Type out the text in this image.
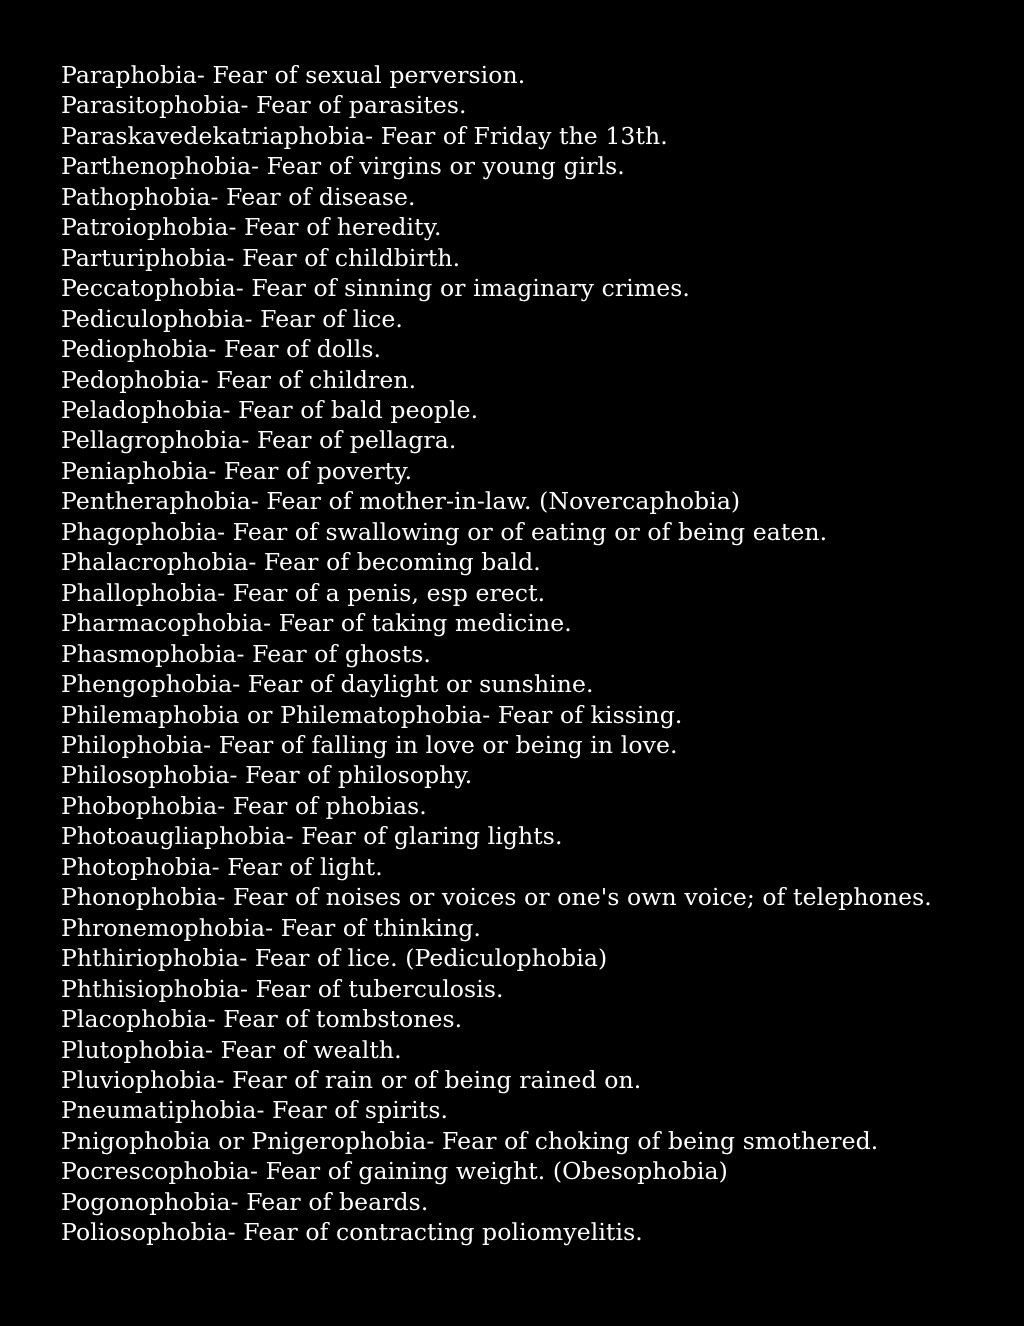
Paraphobia- Fear of sexual perversion.
Parasitophobia- Fear of parasites.
Paraskavedekatriaphobia- Fear of Friday the 13th.
Parthenophobia- Fear of virgins or young girls.
Pathophobia- Fear of disease.
Patroiophobia- Fear of heredity.
Parturiphobia- Fear of childbirth.
Peccatophobia- Fear of sinning or imaginary crimes.
Pediculophobia- Fear of lice.
Pediophobia- Fear of dolls.
Pedophobia- Fear of children.
Peladophobia- Fear of bald people.
Pellagrophobia- Fear of pellagra.
Peniaphobia- Fear of poverty.
Pentheraphobia- Fear of mother-in-law. (Novercaphobia)
Phagophobia- Fear of swallowing or of eating or of being eaten.
Phalacrophobia- Fear of becoming bald.
Phallophobia- Fear of a penis, esp erect.
Pharmacophobia- Fear of taking medicine.
Phasmophobia- Fear of ghosts.
Phengophobia- Fear of daylight or sunshine.
Philemaphobia or Philematophobia- Fear of kissing.
Philophobia- Fear of falling in love or being in love.
Philosophobia- Fear of philosophy.
Phobophobia- Fear of phobias.
Photoaugliaphobia- Fear of glaring lights.
Photophobia- Fear of light.
Phonophobia- Fear of noises or voices or one's own voice; of telephones.
Phronemophobia- Fear of thinking.
Phthiriophobia- Fear of lice. (Pediculophobia)
Phthisiophobia- Fear of tuberculosis.
Placophobia- Fear of tombstones.
Plutophobia- Fear of wealth.
Pluviophobia- Fear of rain or of being rained on.
Pneumatiphobia- Fear of spirits.
Pnigophobia or Pnigerophobia- Fear of choking of being smothered.
Pocrescophobia- Fear of gaining weight. (Obesophobia)
Pogonophobia- Fear of beards.
Poliosophobia- Fear of contracting poliomyelitis.
